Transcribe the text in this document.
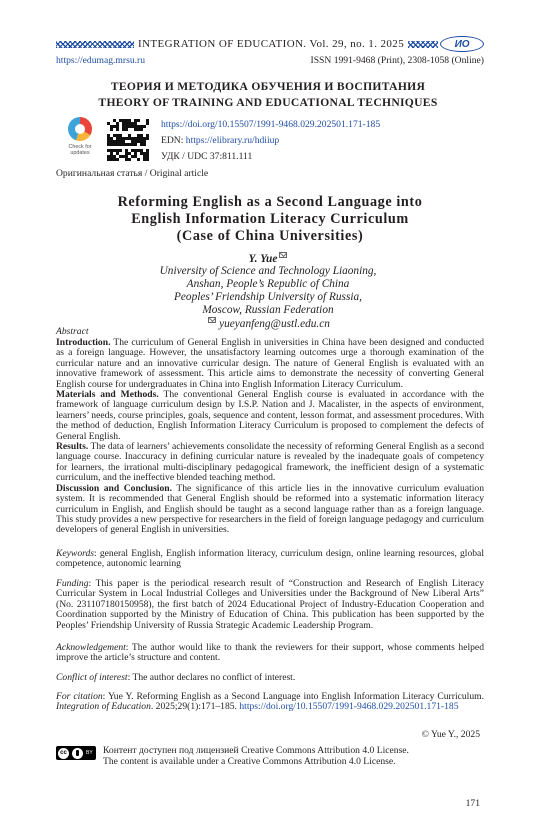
INTEGRATION OF EDUCATION. Vol. 29, no. 1. 2025	ИО
https://edumag.mrsu.ru	ISSN 1991-9468 (Print), 2308-1058 (Online)
ТЕОРИЯ И МЕТОДИКА ОБУЧЕНИЯ И ВОСПИТАНИЯ
THEORY OF TRAINING AND EDUCATIONAL TECHNIQUES
Check for
updates
https://doi.org/10.15507/1991-9468.029.202501.171-185
EDN: https://elibrary.ru/hdiiup
УДК / UDC 37:811.111
Оригинальная статья / Original article
Reforming English as a Second Language into
English Information Literacy Curriculum
(Case of China Universities)
Y. Yue
University of Science and Technology Liaoning,
Anshan, People’s Republic of China
Peoples’ Friendship University of Russia,
Moscow, Russian Federation
yueyanfeng@ustl.edu.cn
Abstract

Introduction. The curriculum of General English in universities in China have been designed and conducted as a foreign language. However, the unsatisfactory learning outcomes urge a thorough examination of the curricular nature and an innovative curricular design. The nature of General English is evaluated with an innovative framework of assessment. This article aims to demonstrate the necessity of converting General English course for undergraduates in China into English Information Literacy Curriculum.

Materials and Methods. The conventional General English course is evaluated in accordance with the framework of language curriculum design by I.S.P. Nation and J. Macalister, in the aspects of environment, learners’ needs, course principles, goals, sequence and content, lesson format, and assessment procedures. With the method of deduction, English Information Literacy Curriculum is proposed to complement the defects of General English.

Results. The data of learners’ achievements consolidate the necessity of reforming General English as a second language course. Inaccuracy in defining curricular nature is revealed by the inadequate goals of competency for learners, the irrational multi-disciplinary pedagogical framework, the inefficient design of a systematic curriculum, and the ineffective blended teaching method.

Discussion and Conclusion. The significance of this article lies in the innovative curriculum evaluation system. It is recommended that General English should be reformed into a systematic information literacy curriculum in English, and English should be taught as a second language rather than as a foreign language. This study provides a new perspective for researchers in the field of foreign language pedagogy and curriculum developers of general English in universities.

Keywords: general English, English information literacy, curriculum design, online learning resources, global competence, autonomic learning
Funding: This paper is the periodical research result of “Construction and Research of English Literacy Curricular System in Local Industrial Colleges and Universities under the Background of New Liberal Arts” (No. 231107180150958), the first batch of 2024 Educational Project of Industry-Education Cooperation and Coordination supported by the Ministry of Education of China. This publication has been supported by the Peoples’ Friendship University of Russia Strategic Academic Leadership Program.
Acknowledgement: The author would like to thank the reviewers for their support, whose comments helped improve the article’s structure and content.
Conflict of interest: The author declares no conflict of interest.
For citation: Yue Y. Reforming English as a Second Language into English Information Literacy Curriculum. Integration of Education. 2025;29(1):171–185. https://doi.org/10.15507/1991-9468.029.202501.171-185
© Yue Y., 2025
cc	BY Контент доступен под лицензией Creative Commons Attribution 4.0 License.
The content is available under a Creative Commons Attribution 4.0 License.
171
